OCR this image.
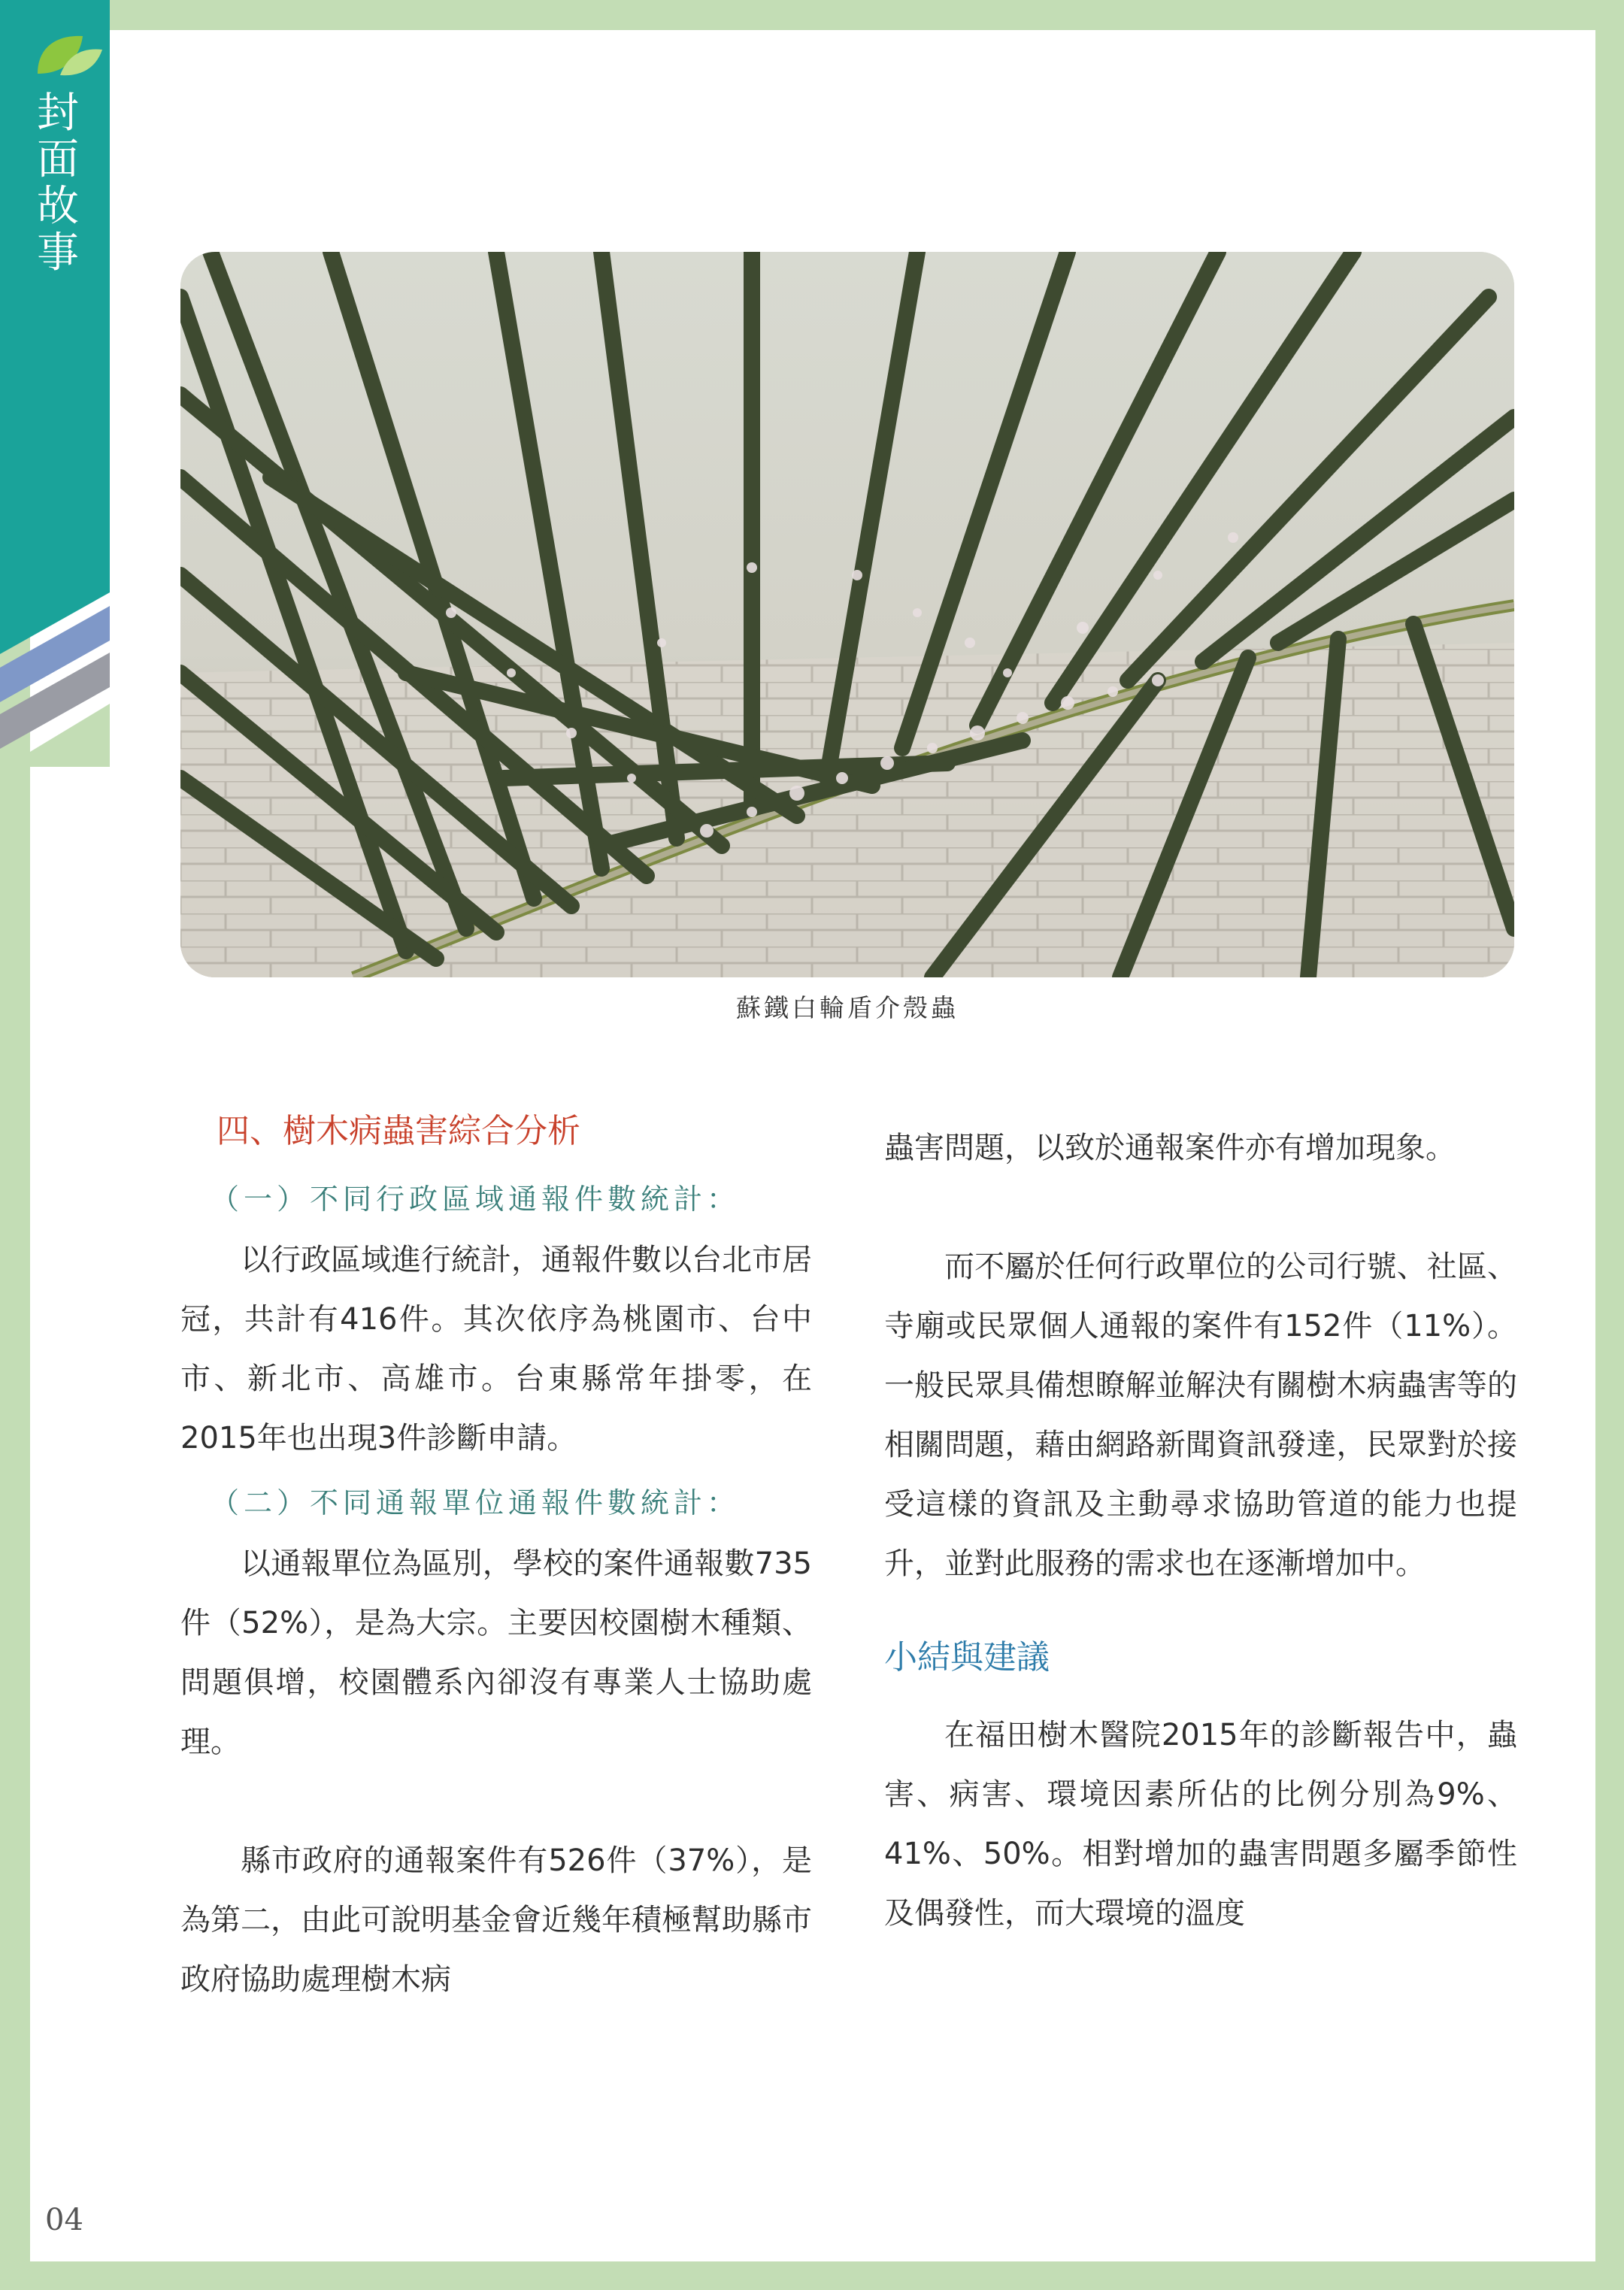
封
面
故
事
蘇鐵白輪盾介殼蟲
四、樹木病蟲害綜合分析
（一）不同行政區域通報件數統計：

以行政區域進行統計，通報件數以台北市居冠，共計有416件。其次依序為桃園市、台中市、新北市、高雄市。台東縣常年掛零，在2015年也出現3件診斷申請。

（二）不同通報單位通報件數統計：

以通報單位為區別，學校的案件通報數735件（52%），是為大宗。主要因校園樹木種類、問題俱增，校園體系內卻沒有專業人士協助處理。

縣市政府的通報案件有526件（37%），是為第二，由此可說明基金會近幾年積極幫助縣市政府協助處理樹木病

蟲害問題，以致於通報案件亦有增加現象。

而不屬於任何行政單位的公司行號、社區、寺廟或民眾個人通報的案件有152件（11%）。一般民眾具備想瞭解並解決有關樹木病蟲害等的相關問題，藉由網路新聞資訊發達，民眾對於接受這樣的資訊及主動尋求協助管道的能力也提升，並對此服務的需求也在逐漸增加中。

小結與建議

在福田樹木醫院2015年的診斷報告中，蟲害、病害、環境因素所佔的比例分別為9%、41%、50%。相對增加的蟲害問題多屬季節性及偶發性，而大環境的溫度

04
